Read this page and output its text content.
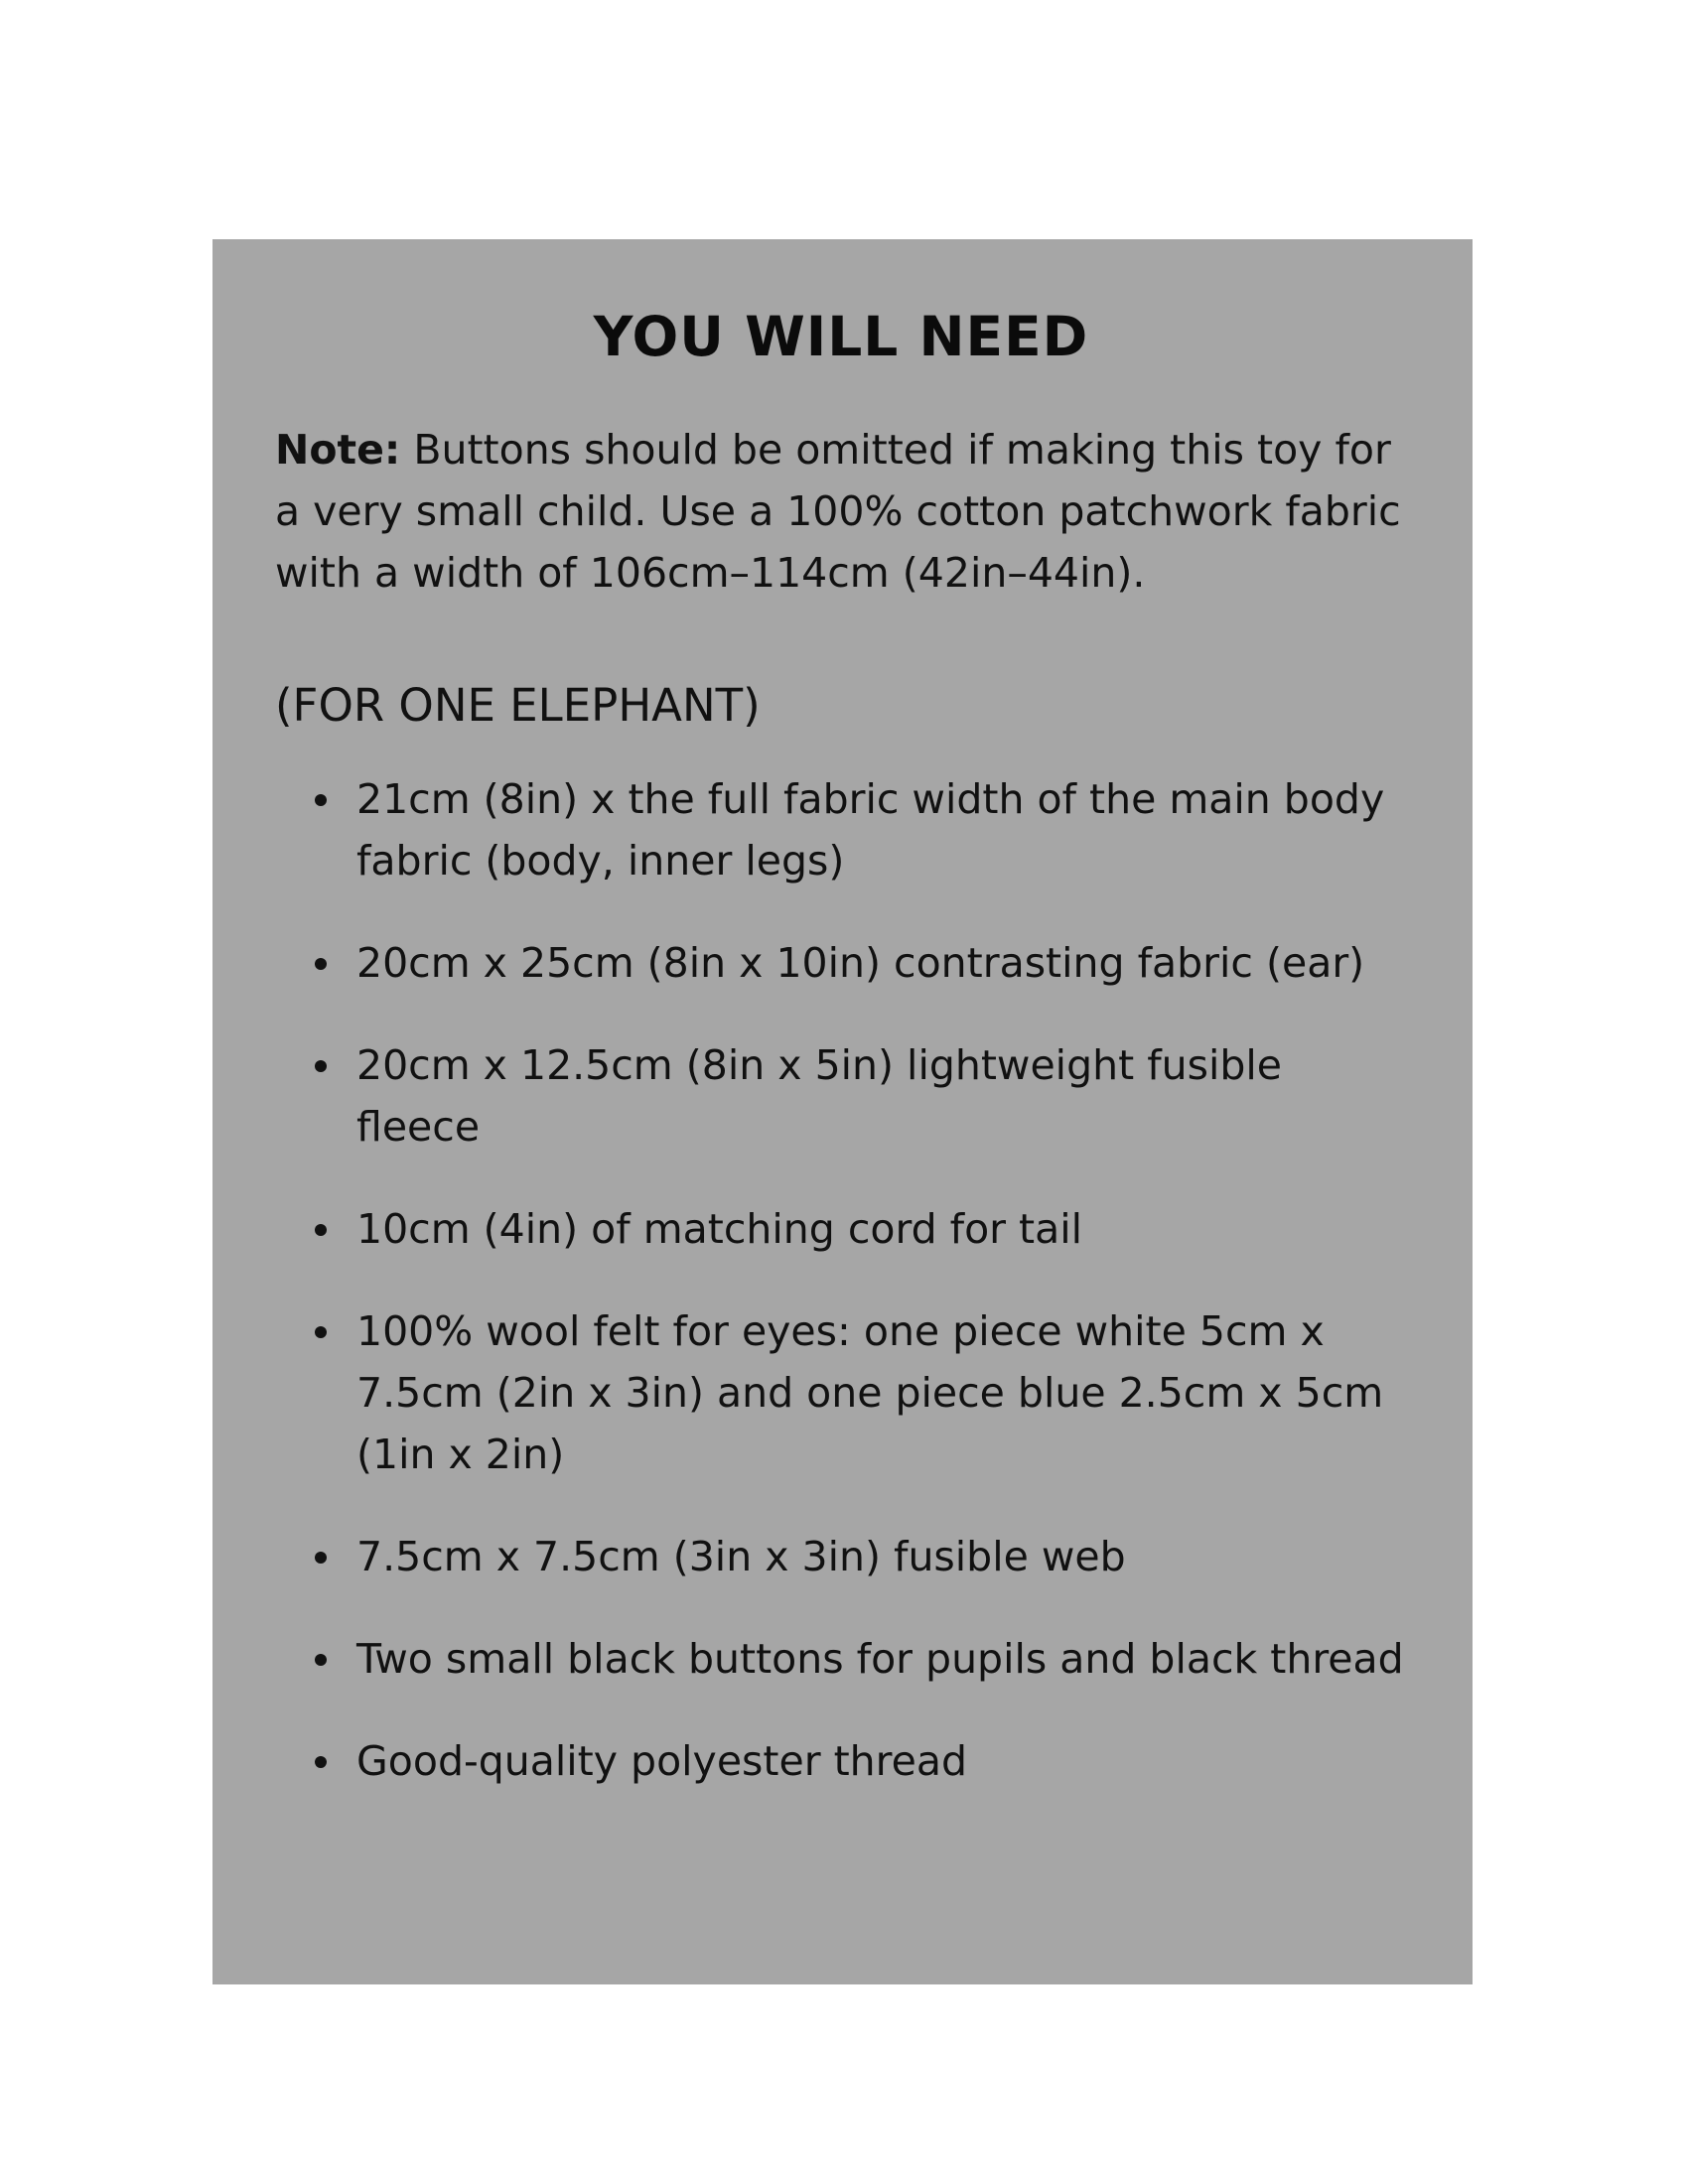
YOU WILL NEED

Note: Buttons should be omitted if making this toy for a very small child. Use a 100% cotton patchwork fabric with a width of 106cm–114cm (42in–44in).

(FOR ONE ELEPHANT)
21cm (8in) x the full fabric width of the main body fabric (body, inner legs)
20cm x 25cm (8in x 10in) contrasting fabric (ear)
20cm x 12.5cm (8in x 5in) lightweight fusible fleece
10cm (4in) of matching cord for tail
100% wool felt for eyes: one piece white 5cm x 7.5cm (2in x 3in) and one piece blue 2.5cm x 5cm (1in x 2in)
7.5cm x 7.5cm (3in x 3in) fusible web
Two small black buttons for pupils and black thread
Good-quality polyester thread
